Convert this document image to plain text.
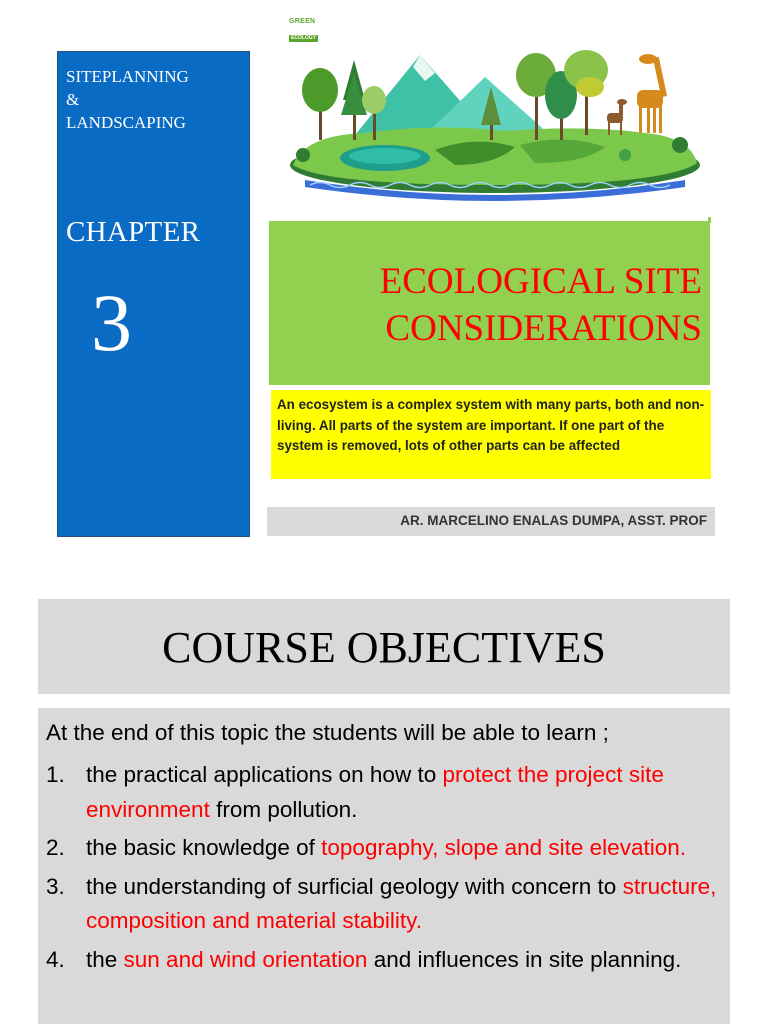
SITEPLANNING
&
LANDSCAPING
CHAPTER
3
GREEN
ECOLOGY
ECOLOGICAL SITE
CONSIDERATIONS
An ecosystem is a complex system with many parts, both and non-living. All parts of the system are important. If one part of the system is removed, lots of other parts can be affected
AR. MARCELINO ENALAS DUMPA, ASST. PROF
COURSE OBJECTIVES
At the end of this topic the students will be able to learn ;
1. the practical applications on how to protect the project site environment from pollution.
2. the basic knowledge of topography, slope and site elevation.
3. the understanding of surficial geology with concern to structure, composition and material stability.
4. the sun and wind orientation and influences in site planning.
